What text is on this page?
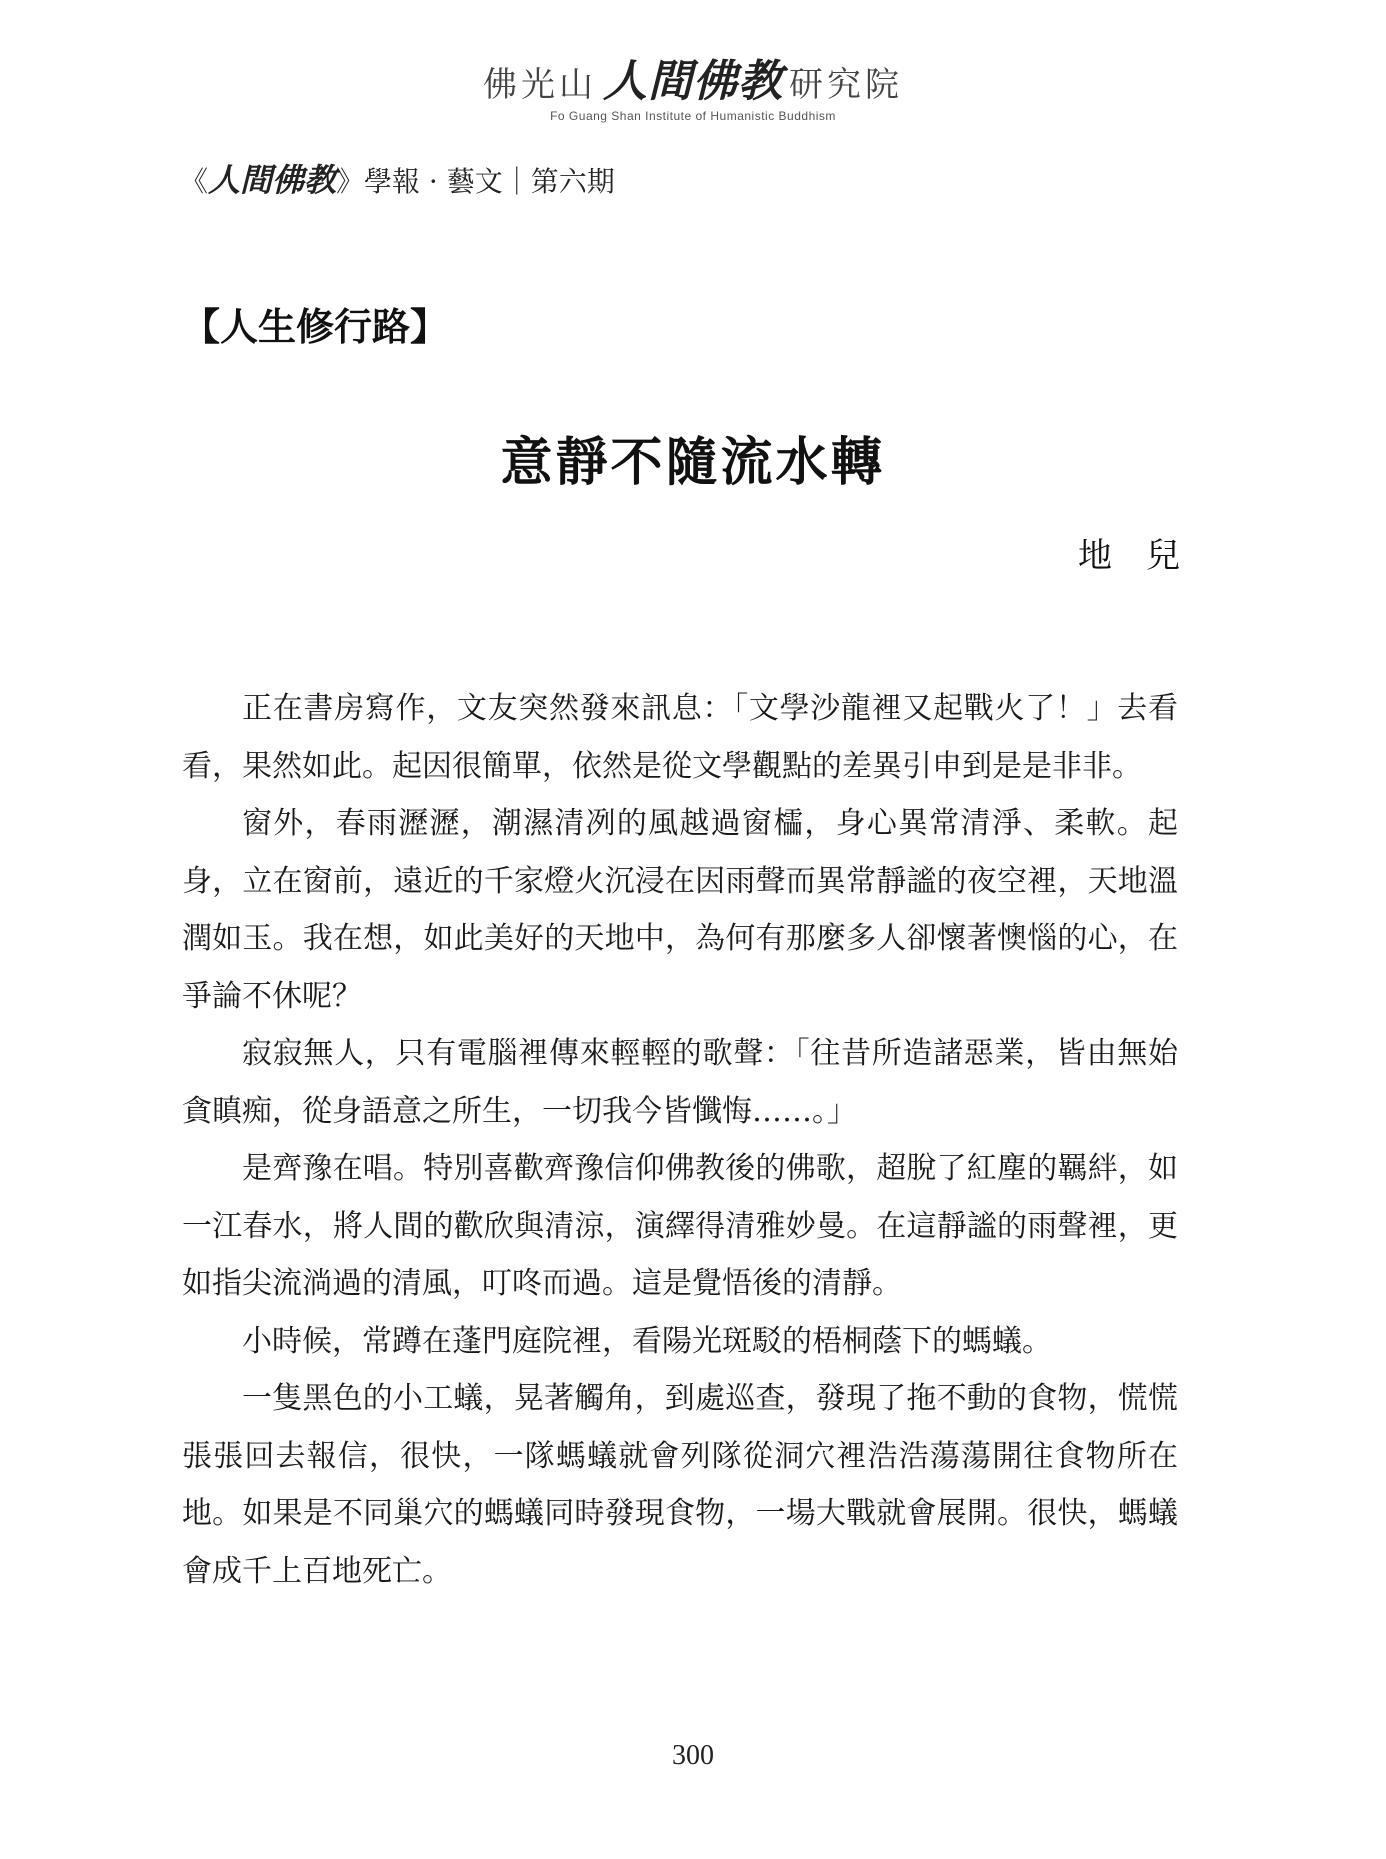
佛光山 人間佛教 研究院
Fo Guang Shan Institute of Humanistic Buddhism
《人間佛教》學報 · 藝文｜第六期
【人生修行路】
意靜不隨流水轉
地　兒

正在書房寫作，文友突然發來訊息：「文學沙龍裡又起戰火了！」去看看，果然如此。起因很簡單，依然是從文學觀點的差異引申到是是非非。

窗外，春雨瀝瀝，潮濕清冽的風越過窗櫺，身心異常清淨、柔軟。起身，立在窗前，遠近的千家燈火沉浸在因雨聲而異常靜謐的夜空裡，天地溫潤如玉。我在想，如此美好的天地中，為何有那麼多人卻懷著懊惱的心，在爭論不休呢？

寂寂無人，只有電腦裡傳來輕輕的歌聲：「往昔所造諸惡業，皆由無始貪瞋痴，從身語意之所生，一切我今皆懺悔……。」

是齊豫在唱。特別喜歡齊豫信仰佛教後的佛歌，超脫了紅塵的羈絆，如一江春水，將人間的歡欣與清涼，演繹得清雅妙曼。在這靜謐的雨聲裡，更如指尖流淌過的清風，叮咚而過。這是覺悟後的清靜。

小時候，常蹲在蓬門庭院裡，看陽光斑駁的梧桐蔭下的螞蟻。

一隻黑色的小工蟻，晃著觸角，到處巡查，發現了拖不動的食物，慌慌張張回去報信，很快，一隊螞蟻就會列隊從洞穴裡浩浩蕩蕩開往食物所在地。如果是不同巢穴的螞蟻同時發現食物，一場大戰就會展開。很快，螞蟻會成千上百地死亡。

300
